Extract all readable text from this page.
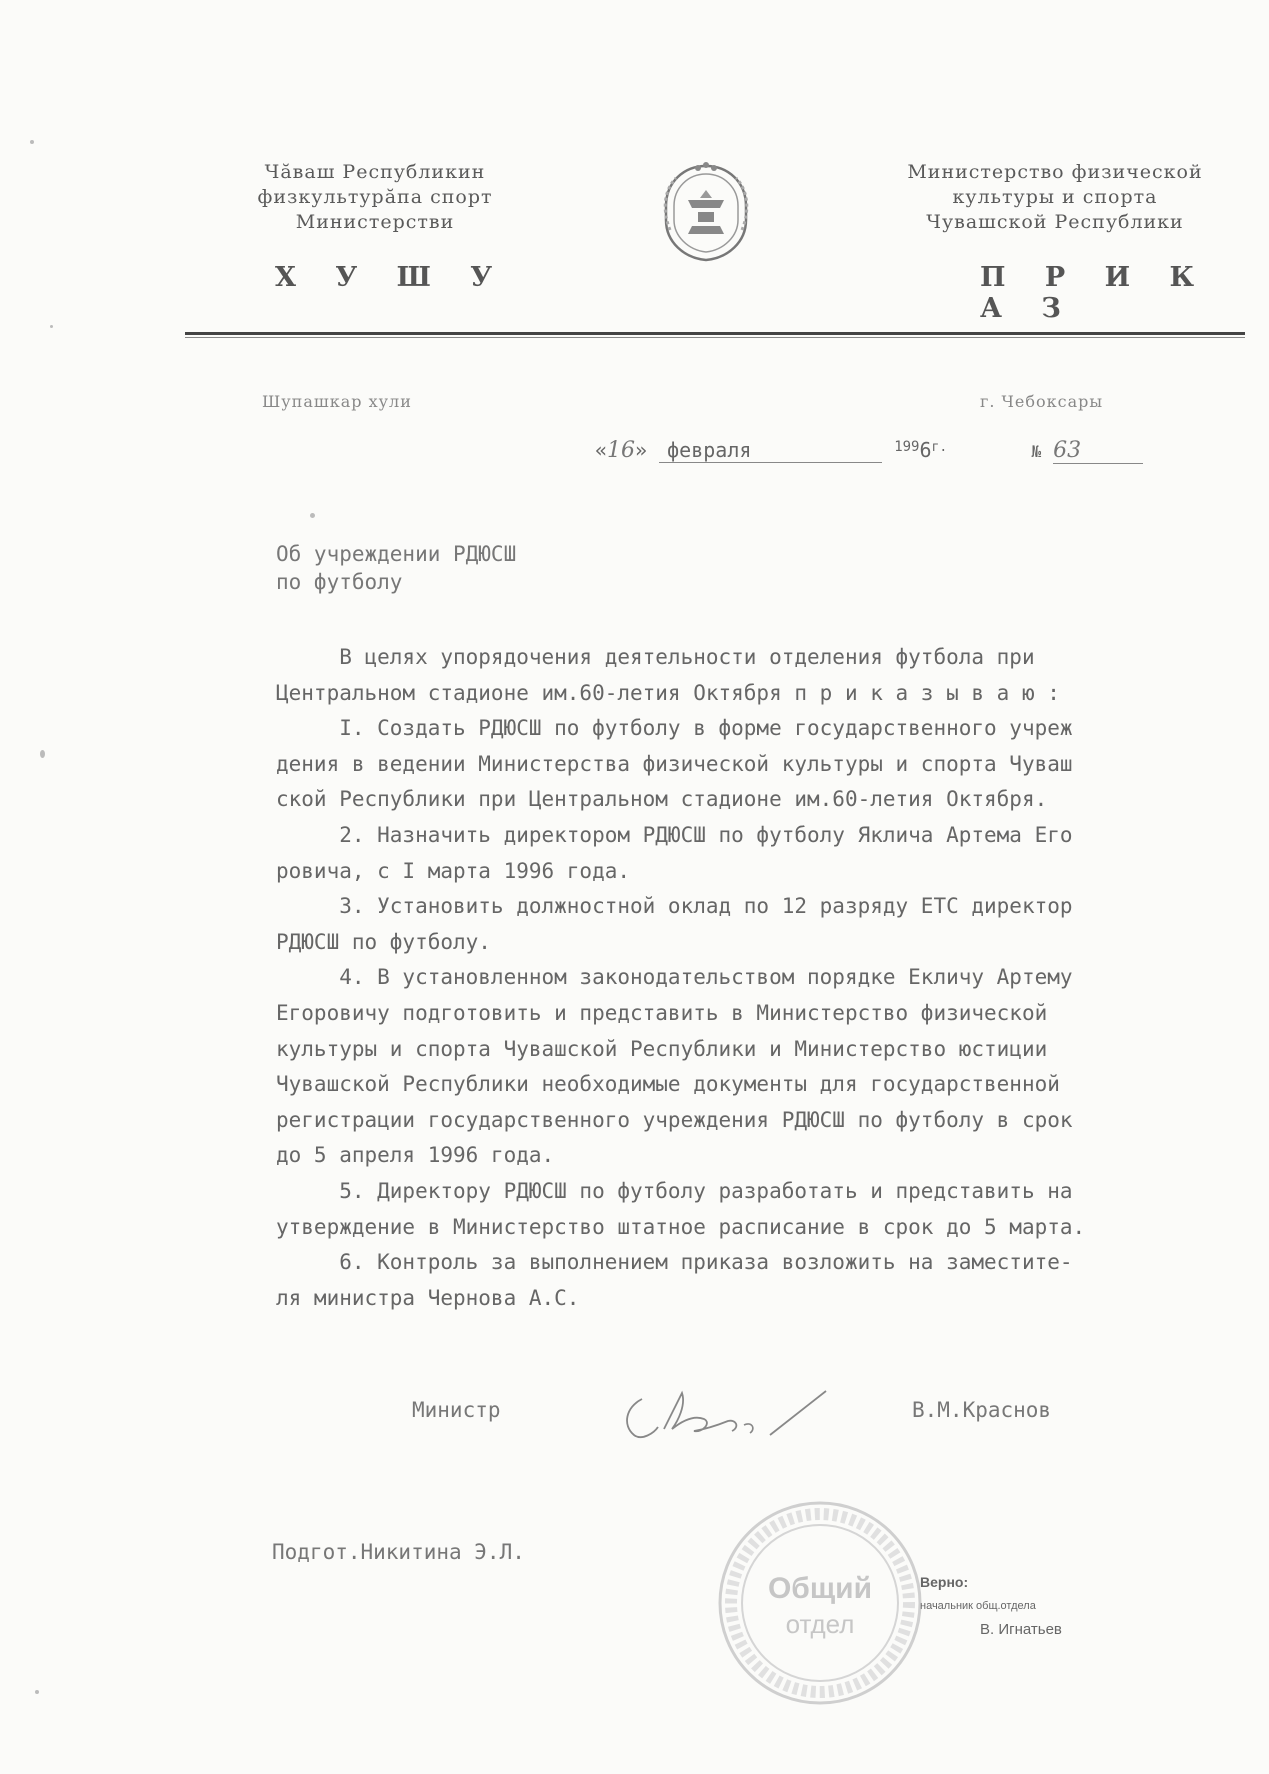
Чăваш Республикин
физкультурăпа спорт
Министерстви
Х У Ш У
Министерство физической
культуры и спорта
Чувашской Республики
П Р И К А З
Шупашкар хули	г. Чебоксары
«16» февраля	$^{199}6^{г.}$	№ 63
Об учреждении РДЮСШ
по футболу

В целях упорядочения деятельности отделения футбола при

Центральном стадионе им.60-летия Октября п р и к а з ы в а ю :

I. Создать РДЮСШ по футболу в форме государственного учреж

дения в ведении Министерства физической культуры и спорта Чуваш

ской Республики при Центральном стадионе им.60-летия Октября.

2. Назначить директором РДЮСШ по футболу Яклича Артема Его

ровича, с I марта 1996 года.

3. Установить должностной оклад по 12 разряду ЕТС директор

РДЮСШ по футболу.

4. В установленном законодательством порядке Екличу Артему

Егоровичу подготовить и представить в Министерство физической

культуры и спорта Чувашской Республики и Министерство юстиции

Чувашской Республики необходимые документы для государственной

регистрации государственного учреждения РДЮСШ по футболу в срок

до 5 апреля 1996 года.

5. Директору РДЮСШ по футболу разработать и представить на

утверждение в Министерство штатное расписание в срок до 5 марта.

6. Контроль за выполнением приказа возложить на заместите-

ля министра Чернова А.С.

Министр	В.М.Краснов
Подгот.Никитина Э.Л.
Общий
отдел
Верно:
начальник общ.отдела
В. Игнатьев
